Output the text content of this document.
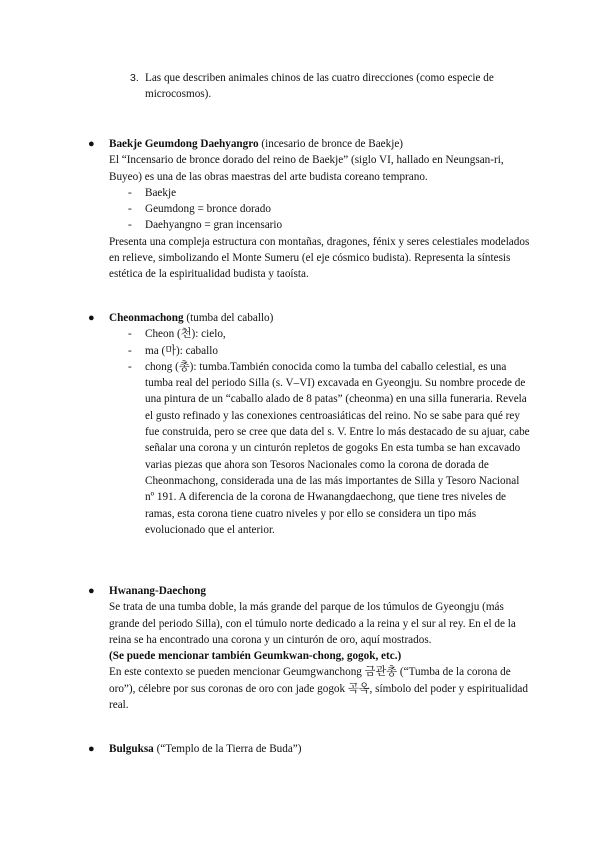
3. Las que describen animales chinos de las cuatro direcciones (como especie de microcosmos).
● Baekje Geumdong Daehyangro (incesario de bronce de Baekje)
El “Incensario de bronce dorado del reino de Baekje” (siglo VI, hallado en Neungsan-ri, Buyeo) es una de las obras maestras del arte budista coreano temprano.
- Baekje
- Geumdong = bronce dorado
- Daehyangno = gran incensario
Presenta una compleja estructura con montañas, dragones, fénix y seres celestiales modelados en relieve, simbolizando el Monte Sumeru (el eje cósmico budista). Representa la síntesis estética de la espiritualidad budista y taoísta.
● Cheonmachong (tumba del caballo)
- Cheon (천): cielo,
- ma (마): caballo
- chong (총): tumba.También conocida como la tumba del caballo celestial, es una tumba real del periodo Silla (s. V–VI) excavada en Gyeongju. Su nombre procede de una pintura de un “caballo alado de 8 patas” (cheonma) en una silla funeraria. Revela el gusto refinado y las conexiones centroasiáticas del reino. No se sabe para qué rey fue construida, pero se cree que data del s. V. Entre lo más destacado de su ajuar, cabe señalar una corona y un cinturón repletos de gogoks En esta tumba se han excavado varias piezas que ahora son Tesoros Nacionales como la corona de dorada de Cheonmachong, considerada una de las más importantes de Silla y Tesoro Nacional nº 191. A diferencia de la corona de Hwanangdaechong, que tiene tres niveles de ramas, esta corona tiene cuatro niveles y por ello se considera un tipo más evolucionado que el anterior.
● Hwanang-Daechong
Se trata de una tumba doble, la más grande del parque de los túmulos de Gyeongju (más grande del periodo Silla), con el túmulo norte dedicado a la reina y el sur al rey. En el de la reina se ha encontrado una corona y un cinturón de oro, aquí mostrados.
(Se puede mencionar también Geumkwan-chong, gogok, etc.)
En este contexto se pueden mencionar Geumgwanchong 금관총 (“Tumba de la corona de oro”), célebre por sus coronas de oro con jade gogok 곡옥, símbolo del poder y espiritualidad real.
● Bulguksa (“Templo de la Tierra de Buda”)
